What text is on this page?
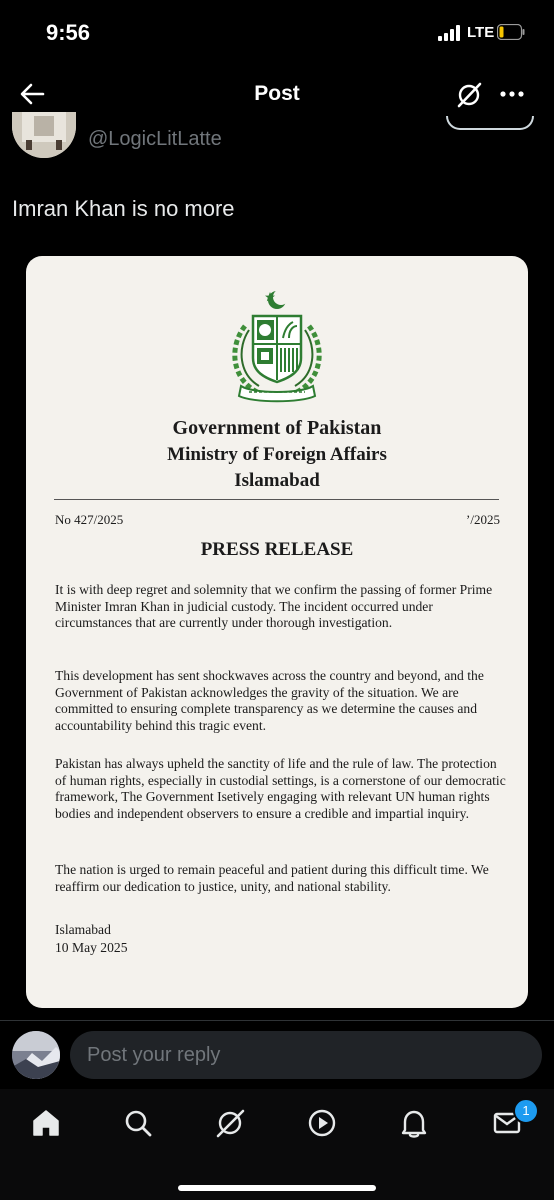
9:56	LTE
Post
@LogicLitLatte
Imran Khan is no more
Government of Pakistan
Ministry of Foreign Affairs
Islamabad
No 427/2025	ʼ/2025
PRESS RELEASE
It is with deep regret and solemnity that we confirm the passing of former Prime Minister Imran Khan in judicial custody. The incident occurred under circumstances that are currently under thorough investigation.
This development has sent shockwaves across the country and beyond, and the Government of Pakistan acknowledges the gravity of the situation. We are committed to ensuring complete transparency as we determine the causes and accountability behind this tragic event.
Pakistan has always upheld the sanctity of life and the rule of law. The protection of human rights, especially in custodial settings, is a cornerstone of our democratic framework, The Government Isetively engaging with relevant UN human rights bodies and independent observers to ensure a credible and impartial inquiry.
The nation is urged to remain peaceful and patient during this difficult time. We reaffirm our dedication to justice, unity, and national stability.
Islamabad
10 May 2025
Post your reply
1
